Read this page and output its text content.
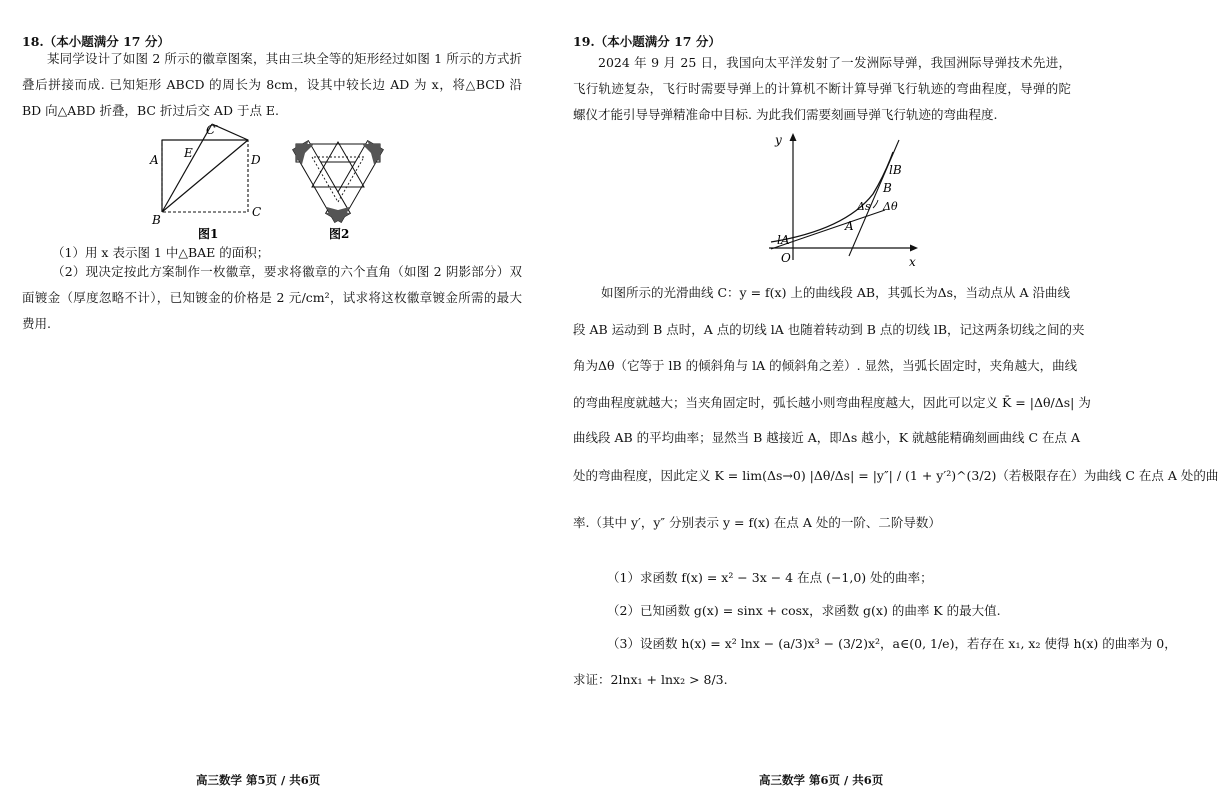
18.（本小题满分 17 分）
某同学设计了如图 2 所示的徽章图案，其由三块全等的矩形经过如图 1 所示的方式折叠后拼接而成. 已知矩形 ABCD 的周长为 8cm，设其中较长边 AD 为 x，将△BCD 沿 BD 向△ABD 折叠，BC 折过后交 AD 于点 E.
A
B
C
D
E
C′
图1	图2
（1）用 x 表示图 1 中△BAE 的面积；
（2）现决定按此方案制作一枚徽章，要求将徽章的六个直角（如图 2 阴影部分）双面镀金（厚度忽略不计），已知镀金的价格是 2 元/cm²，试求将这枚徽章镀金所需的最大费用.
高三数学 第5页 / 共6页
19.（本小题满分 17 分）
2024 年 9 月 25 日，我国向太平洋发射了一发洲际导弹，我国洲际导弹技术先进，飞行轨迹复杂，飞行时需要导弹上的计算机不断计算导弹飞行轨迹的弯曲程度，导弹的陀螺仪才能引导导弹精准命中目标. 为此我们需要刻画导弹飞行轨迹的弯曲程度.
lA
lB
A
B
Δs Δθ
O	x
y
如图所示的光滑曲线 C：y = f(x) 上的曲线段 AB，其弧长为Δs，当动点从 A 沿曲线
段 AB 运动到 B 点时，A 点的切线 lA 也随着转动到 B 点的切线 lB，记这两条切线之间的夹
角为Δθ（它等于 lB 的倾斜角与 lA 的倾斜角之差）. 显然，当弧长固定时，夹角越大，曲线
的弯曲程度就越大；当夹角固定时，弧长越小则弯曲程度越大，因此可以定义 K̄ = |Δθ/Δs| 为
曲线段 AB 的平均曲率；显然当 B 越接近 A，即Δs 越小，K 就越能精确刻画曲线 C 在点 A
处的弯曲程度，因此定义 K = lim(Δs→0) |Δθ/Δs| = |y″| / (1 + y′²)^(3/2)（若极限存在）为曲线 C 在点 A 处的曲
率.（其中 y′，y″ 分别表示 y = f(x) 在点 A 处的一阶、二阶导数）
（1）求函数 f(x) = x² − 3x − 4 在点 (−1,0) 处的曲率；
（2）已知函数 g(x) = sinx + cosx，求函数 g(x) 的曲率 K 的最大值.
（3）设函数 h(x) = x² lnx − (a/3)x³ − (3/2)x²，a∈(0, 1/e)，若存在 x₁, x₂ 使得 h(x) 的曲率为 0，
求证：2lnx₁ + lnx₂ > 8/3.
高三数学 第6页 / 共6页
